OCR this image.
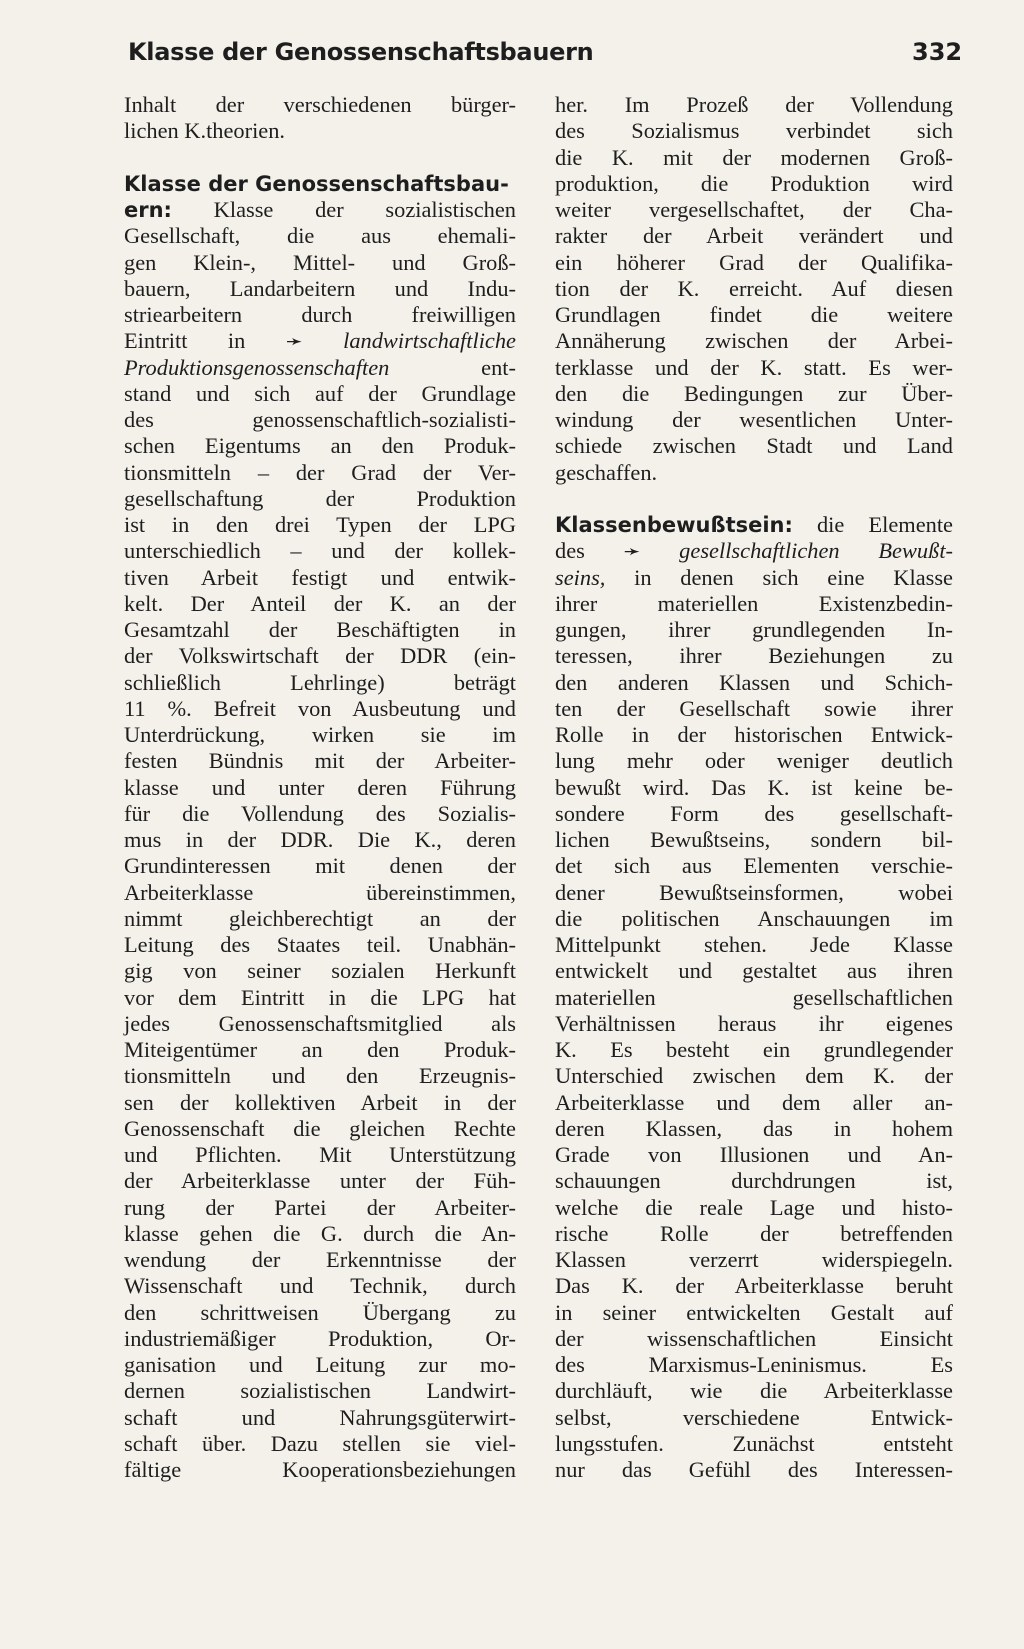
Klasse der Genossenschaftsbauern	332
Inhalt der verschiedenen bürger-
lichen K.theorien.
Klasse der Genossenschaftsbau-
ern: Klasse der sozialistischen
Gesellschaft, die aus ehemali-
gen Klein-, Mittel- und Groß-
bauern, Landarbeitern und Indu-
striearbeitern durch freiwilligen
Eintritt in ➛ landwirtschaftliche
Produktionsgenossenschaften ent-
stand und sich auf der Grundlage
des genossenschaftlich-sozialisti-
schen Eigentums an den Produk-
tionsmitteln – der Grad der Ver-
gesellschaftung der Produktion
ist in den drei Typen der LPG
unterschiedlich – und der kollek-
tiven Arbeit festigt und entwik-
kelt. Der Anteil der K. an der
Gesamtzahl der Beschäftigten in
der Volkswirtschaft der DDR (ein-
schließlich Lehrlinge) beträgt
11 %. Befreit von Ausbeutung und
Unterdrückung, wirken sie im
festen Bündnis mit der Arbeiter-
klasse und unter deren Führung
für die Vollendung des Sozialis-
mus in der DDR. Die K., deren
Grundinteressen mit denen der
Arbeiterklasse übereinstimmen,
nimmt gleichberechtigt an der
Leitung des Staates teil. Unabhän-
gig von seiner sozialen Herkunft
vor dem Eintritt in die LPG hat
jedes Genossenschaftsmitglied als
Miteigentümer an den Produk-
tionsmitteln und den Erzeugnis-
sen der kollektiven Arbeit in der
Genossenschaft die gleichen Rechte
und Pflichten. Mit Unterstützung
der Arbeiterklasse unter der Füh-
rung der Partei der Arbeiter-
klasse gehen die G. durch die An-
wendung der Erkenntnisse der
Wissenschaft und Technik, durch
den schrittweisen Übergang zu
industriemäßiger Produktion, Or-
ganisation und Leitung zur mo-
dernen sozialistischen Landwirt-
schaft und Nahrungsgüterwirt-
schaft über. Dazu stellen sie viel-
fältige Kooperationsbeziehungen
her. Im Prozeß der Vollendung
des Sozialismus verbindet sich
die K. mit der modernen Groß-
produktion, die Produktion wird
weiter vergesellschaftet, der Cha-
rakter der Arbeit verändert und
ein höherer Grad der Qualifika-
tion der K. erreicht. Auf diesen
Grundlagen findet die weitere
Annäherung zwischen der Arbei-
terklasse und der K. statt. Es wer-
den die Bedingungen zur Über-
windung der wesentlichen Unter-
schiede zwischen Stadt und Land
geschaffen.
Klassenbewußtsein: die Elemente
des ➛ gesellschaftlichen Bewußt-
seins, in denen sich eine Klasse
ihrer materiellen Existenzbedin-
gungen, ihrer grundlegenden In-
teressen, ihrer Beziehungen zu
den anderen Klassen und Schich-
ten der Gesellschaft sowie ihrer
Rolle in der historischen Entwick-
lung mehr oder weniger deutlich
bewußt wird. Das K. ist keine be-
sondere Form des gesellschaft-
lichen Bewußtseins, sondern bil-
det sich aus Elementen verschie-
dener Bewußtseinsformen, wobei
die politischen Anschauungen im
Mittelpunkt stehen. Jede Klasse
entwickelt und gestaltet aus ihren
materiellen gesellschaftlichen
Verhältnissen heraus ihr eigenes
K. Es besteht ein grundlegender
Unterschied zwischen dem K. der
Arbeiterklasse und dem aller an-
deren Klassen, das in hohem
Grade von Illusionen und An-
schauungen durchdrungen ist,
welche die reale Lage und histo-
rische Rolle der betreffenden
Klassen verzerrt widerspiegeln.
Das K. der Arbeiterklasse beruht
in seiner entwickelten Gestalt auf
der wissenschaftlichen Einsicht
des Marxismus-Leninismus. Es
durchläuft, wie die Arbeiterklasse
selbst, verschiedene Entwick-
lungsstufen. Zunächst entsteht
nur das Gefühl des Interessen-
